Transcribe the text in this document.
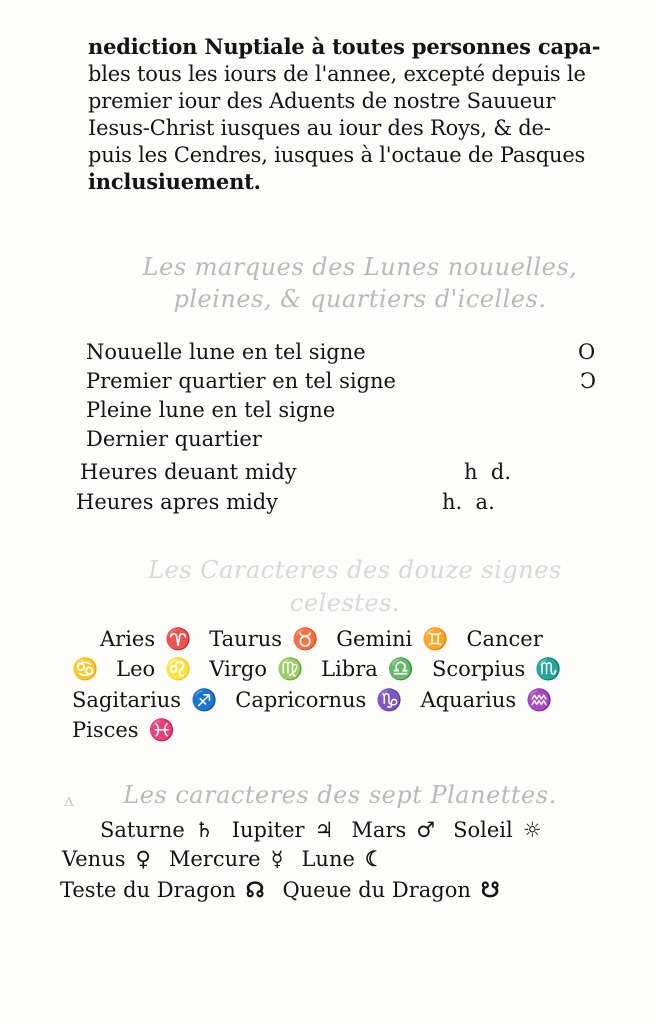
nediction Nuptiale à toutes personnes capa-
bles tous les iours de l'annee, excepté depuis le
premier iour des Aduents de nostre Sauueur
Iesus-Christ iusques au iour des Roys, & de-
puis les Cendres, iusques à l'octaue de Pasques
inclusiuement.
Les marques des Lunes nouuelles,
pleines, & quartiers d'icelles.
Nouuelle lune en tel signe	O
Premier quartier en tel signe	Ↄ
Pleine lune en tel signe
Dernier quartier
Heures deuant midy	h  d.
Heures apres midy	h.  a.
Les Caracteres des douze signes
celestes.
Aries ♈ Taurus ♉ Gemini ♊ Cancer
♋ Leo ♌ Virgo ♍ Libra ♎ Scorpius ♏
Sagitarius ♐ Capricornus ♑ Aquarius ♒
Pisces ♓
ʌ	Les caracteres des sept Planettes.
Saturne ♄ Iupiter ♃ Mars ♂ Soleil ☼
Venus ♀ Mercure ☿ Lune ☾
Teste du Dragon ☊ Queue du Dragon ☋
